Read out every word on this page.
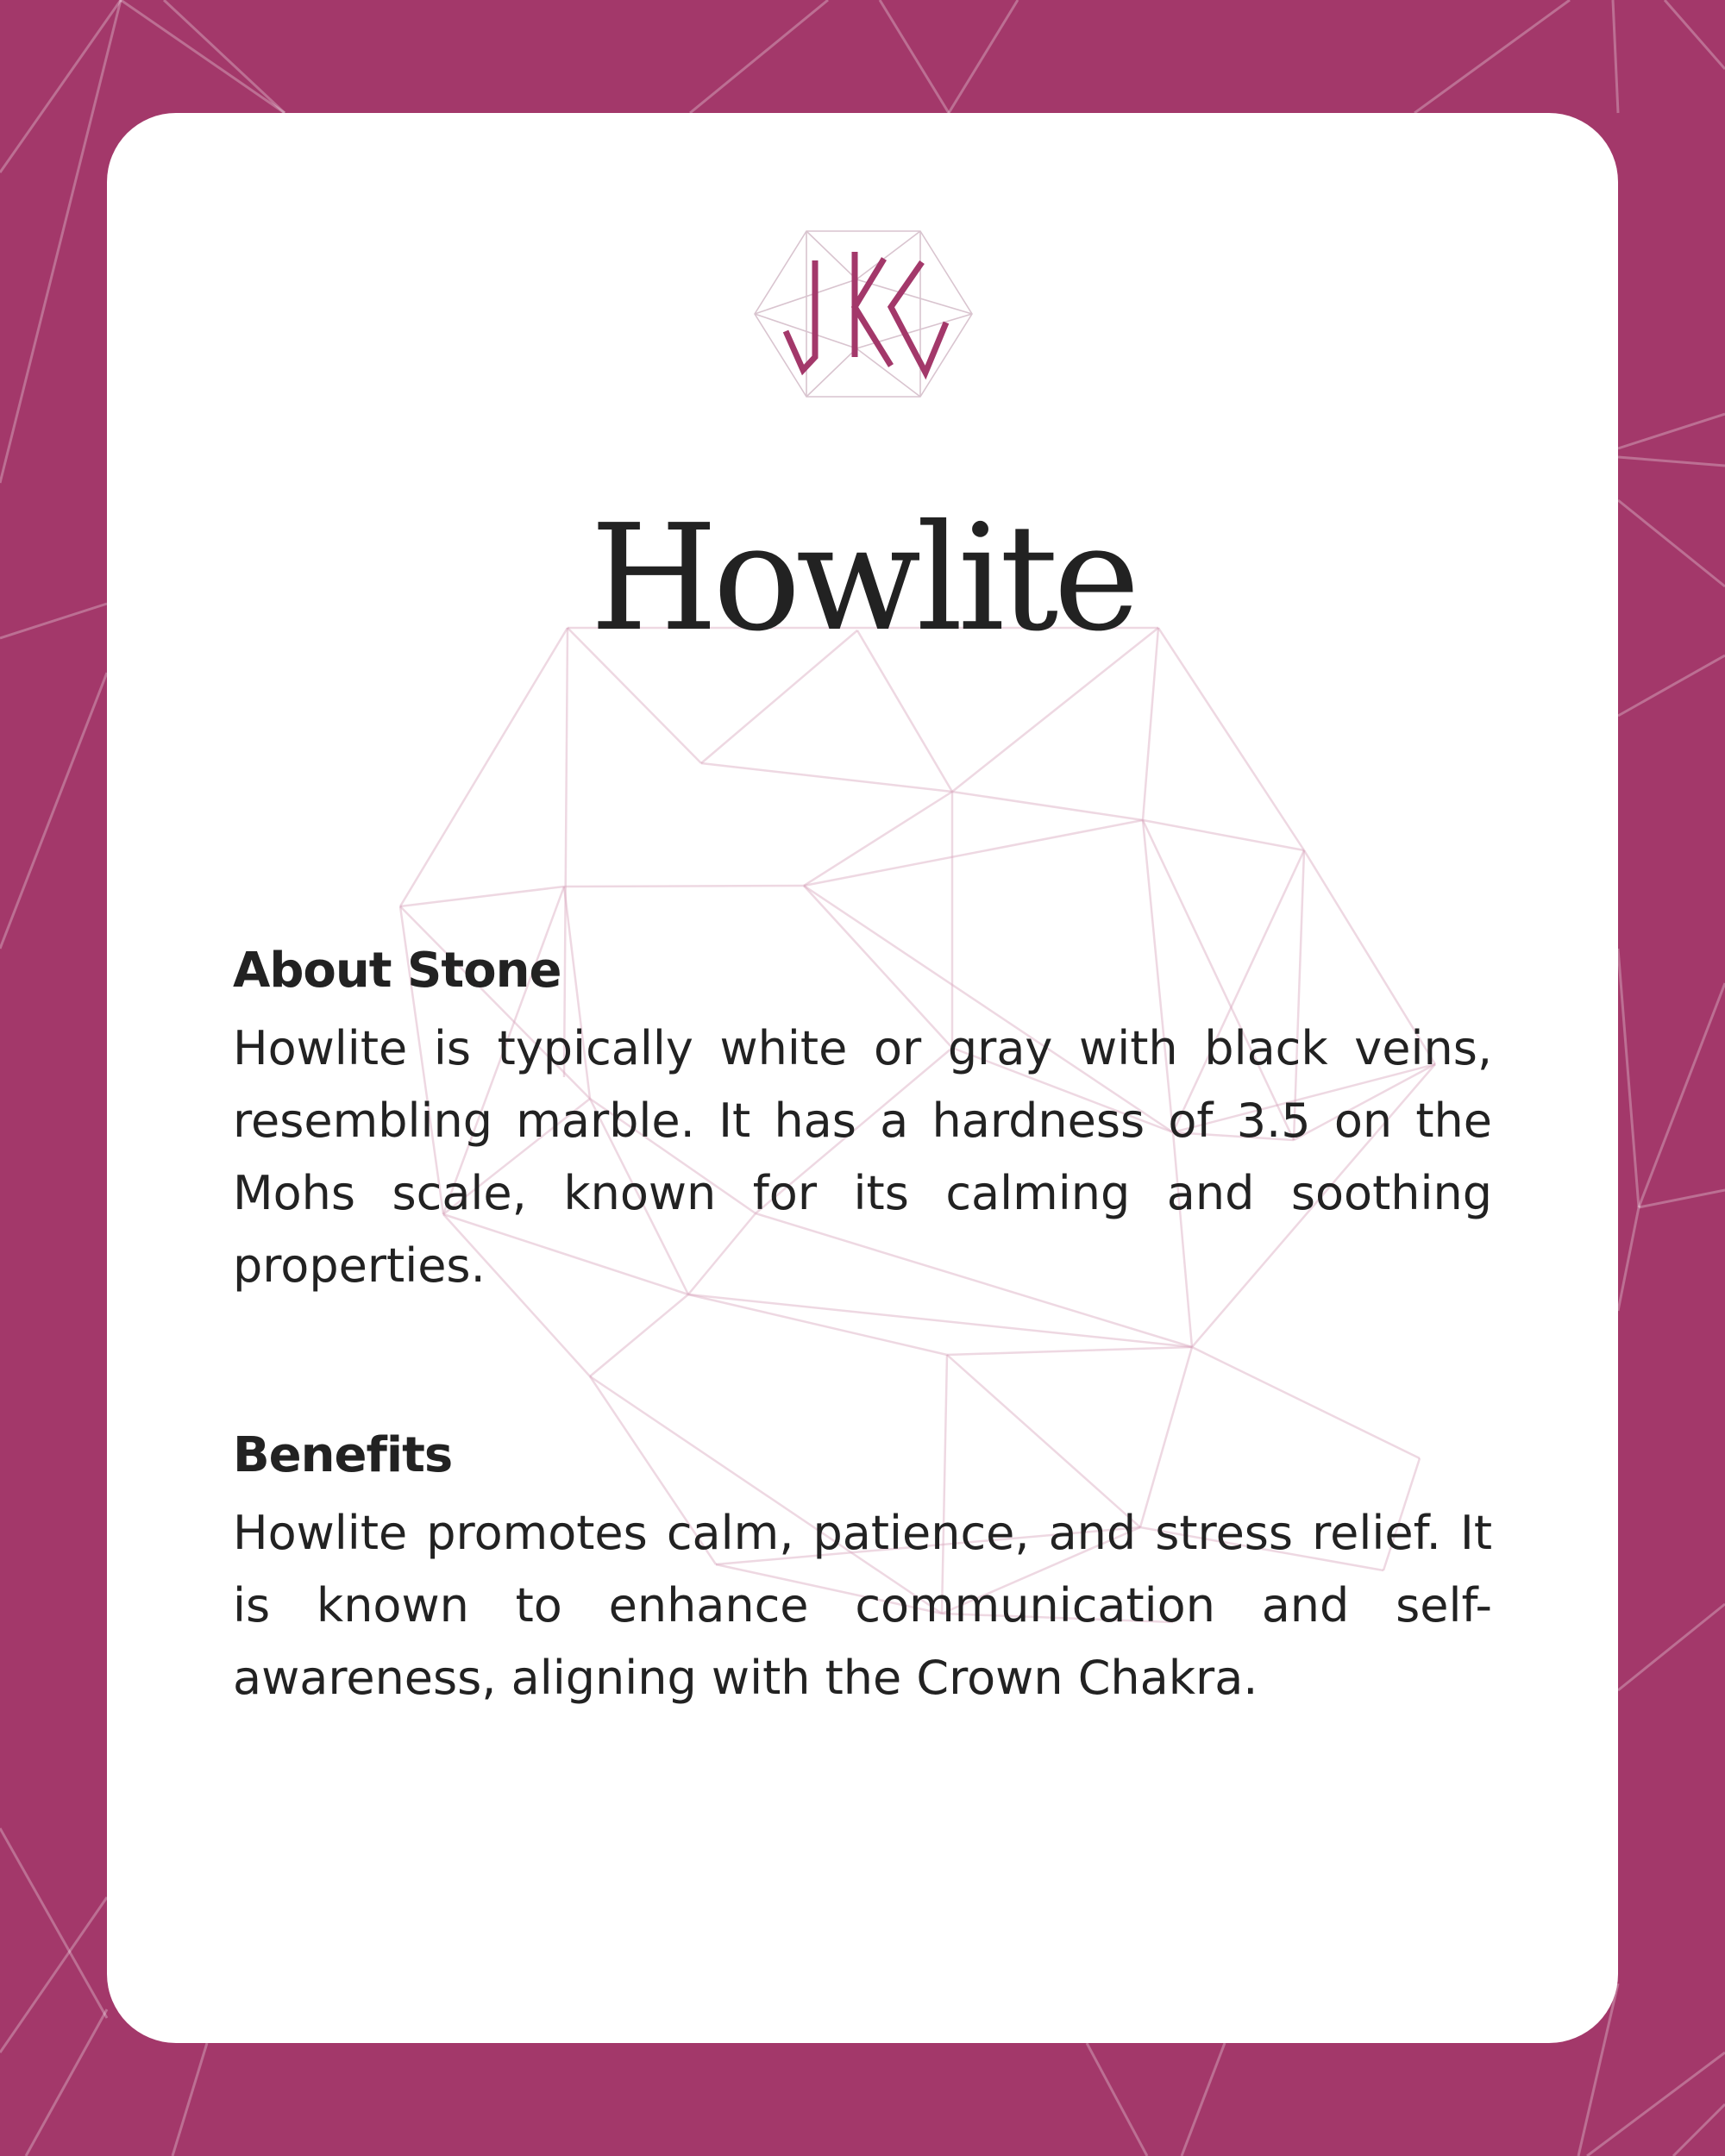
JCG
Howlite
About Stone

Howlite is typically white or gray with black veins, resembling marble. It has a hardness of 3.5 on the Mohs scale, known for its calming and soothing properties.

Benefits

Howlite promotes calm, patience, and stress relief. It is known to enhance communication and self-awareness, aligning with the Crown Chakra.
